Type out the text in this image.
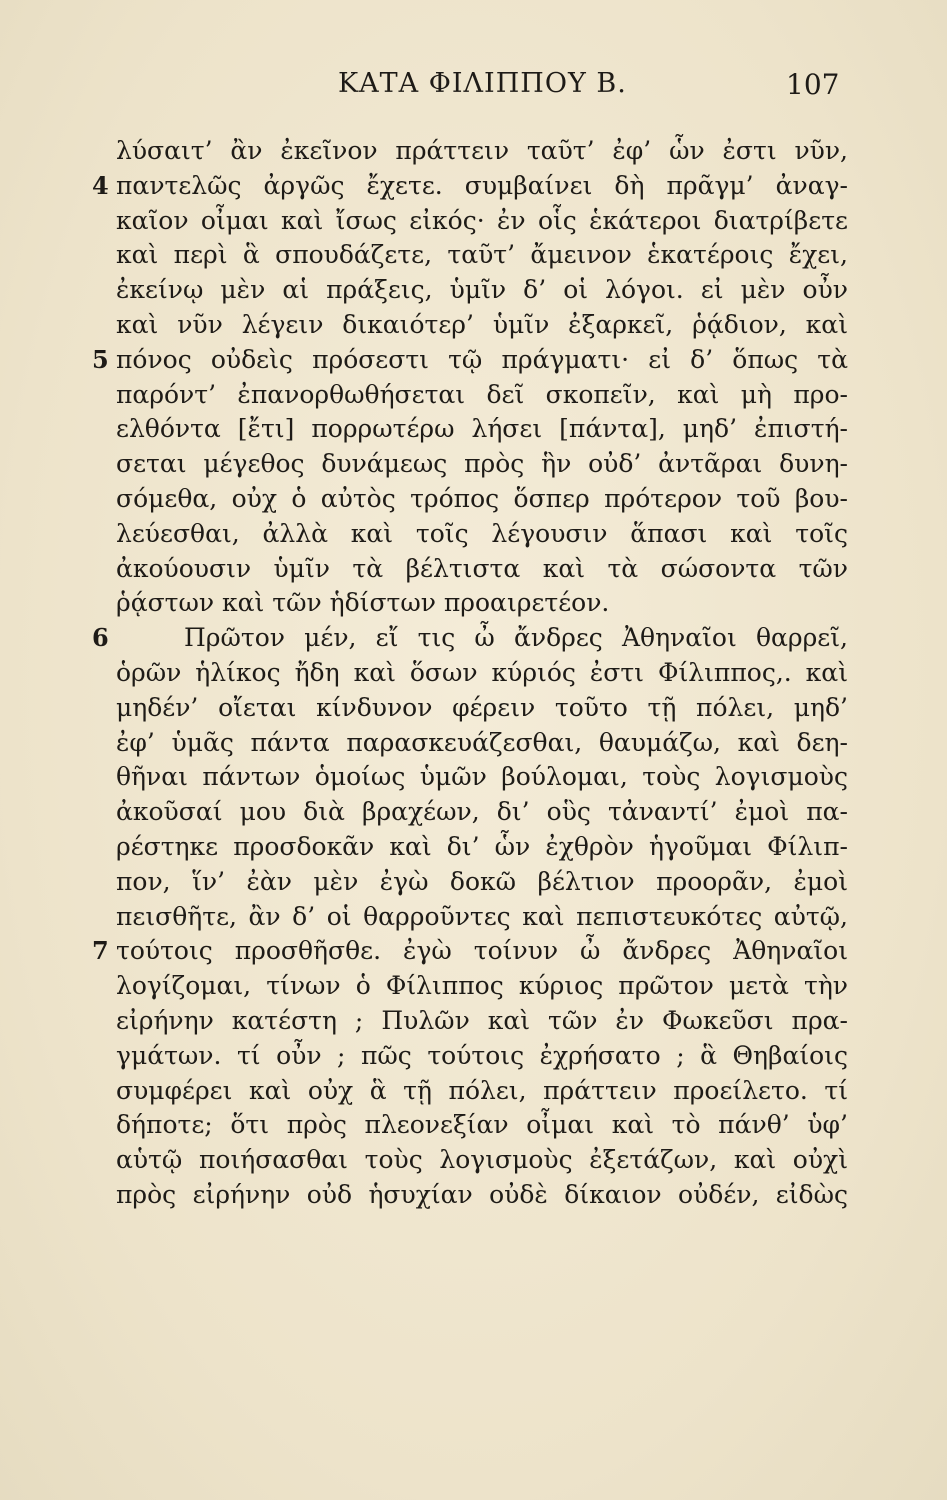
ΚΑΤΑ ΦΙΛΙΠΠΟΥ Β.	107
λύσαιτ’ ἂν ἐκεῖνον πράττειν ταῦτ’ ἐφ’ ὧν ἐστι νῦν,
4 παντελῶς ἀργῶς ἔχετε. συμβαίνει δὴ πρᾶγμ’ ἀναγ-
καῖον οἶμαι καὶ ἴσως εἰκός· ἐν οἷς ἑκάτεροι διατρίβετε
καὶ περὶ ἃ σπουδάζετε, ταῦτ’ ἄμεινον ἑκατέροις ἔχει,
ἐκείνῳ μὲν αἱ πράξεις, ὑμῖν δ’ οἱ λόγοι. εἰ μὲν οὖν
καὶ νῦν λέγειν δικαιότερ’ ὑμῖν ἐξαρκεῖ, ῥᾴδιον, καὶ
5 πόνος οὐδεὶς πρόσεστι τῷ πράγματι· εἰ δ’ ὅπως τὰ
παρόντ’ ἐπανορθωθήσεται δεῖ σκοπεῖν, καὶ μὴ προ-
ελθόντα [ἔτι] πορρωτέρω λήσει [πάντα], μηδ’ ἐπιστή-
σεται μέγεθος δυνάμεως πρὸς ἣν οὐδ’ ἀντᾶραι δυνη-
σόμεθα, οὐχ ὁ αὐτὸς τρόπος ὅσπερ πρότερον τοῦ βου-
λεύεσθαι, ἀλλὰ καὶ τοῖς λέγουσιν ἅπασι καὶ τοῖς
ἀκούουσιν ὑμῖν τὰ βέλτιστα καὶ τὰ σώσοντα τῶν
ῥᾴστων καὶ τῶν ἡδίστων προαιρετέον.
6	Πρῶτον μέν, εἴ τις ὦ ἄνδρες Ἀθηναῖοι θαρρεῖ,
ὁρῶν ἡλίκος ἤδη καὶ ὅσων κύριός ἐστι Φίλιππος,. καὶ
μηδέν’ οἴεται κίνδυνον φέρειν τοῦτο τῇ πόλει, μηδ’
ἐφ’ ὑμᾶς πάντα παρασκευάζεσθαι, θαυμάζω, καὶ δεη-
θῆναι πάντων ὁμοίως ὑμῶν βούλομαι, τοὺς λογισμοὺς
ἀκοῦσαί μου διὰ βραχέων, δι’ οὓς τἀναντί’ ἐμοὶ πα-
ρέστηκε προσδοκᾶν καὶ δι’ ὧν ἐχθρὸν ἡγοῦμαι Φίλιπ-
πον, ἵν’ ἐὰν μὲν ἐγὼ δοκῶ βέλτιον προορᾶν, ἐμοὶ
πεισθῆτε, ἂν δ’ οἱ θαρροῦντες καὶ πεπιστευκότες αὐτῷ,
7 τούτοις προσθῆσθε. ἐγὼ τοίνυν ὦ ἄνδρες Ἀθηναῖοι
λογίζομαι, τίνων ὁ Φίλιππος κύριος πρῶτον μετὰ τὴν
εἰρήνην κατέστη ; Πυλῶν καὶ τῶν ἐν Φωκεῦσι πρα-
γμάτων. τί οὖν ; πῶς τούτοις ἐχρήσατο ; ἃ Θηβαίοις
συμφέρει καὶ οὐχ ἃ τῇ πόλει, πράττειν προείλετο. τί
δήποτε; ὅτι πρὸς πλεονεξίαν οἶμαι καὶ τὸ πάνθ’ ὑφ’
αὑτῷ ποιήσασθαι τοὺς λογισμοὺς ἐξετάζων, καὶ οὐχὶ
πρὸς εἰρήνην οὐδ ἡσυχίαν οὐδὲ δίκαιον οὐδέν, εἰδὼς
